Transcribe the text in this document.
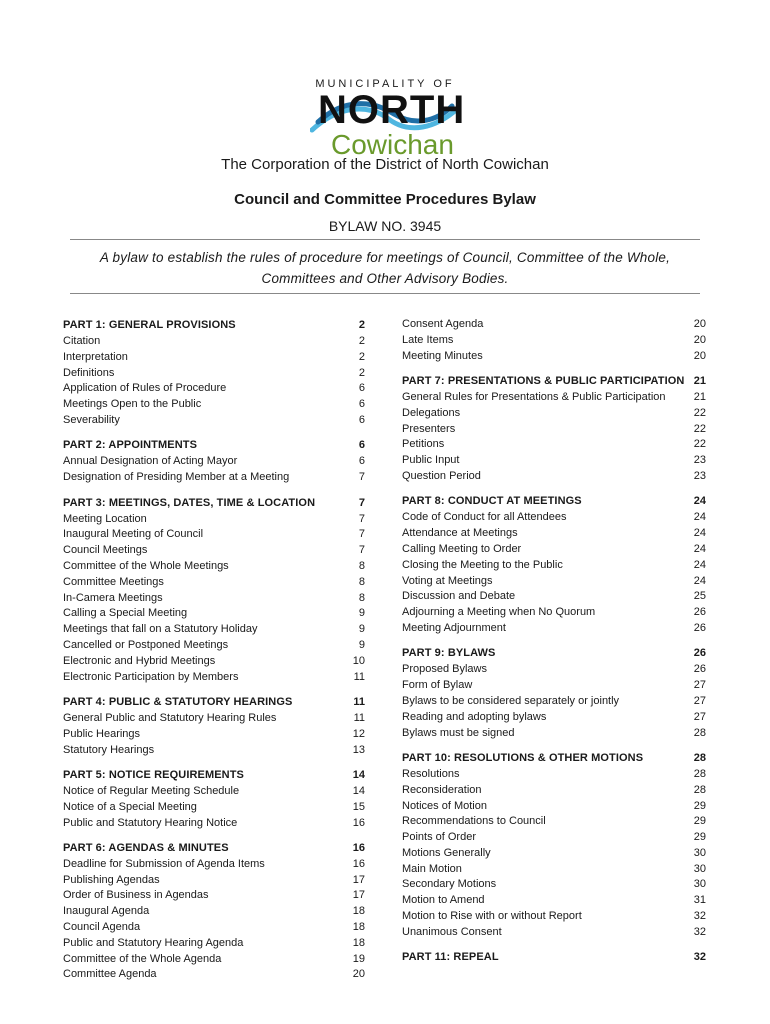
MUNICIPALITY OF
NORTH
Cowichan
The Corporation of the District of North Cowichan
Council and Committee Procedures Bylaw
BYLAW NO. 3945
A bylaw to establish the rules of procedure for meetings of Council, Committee of the Whole, Committees and Other Advisory Bodies.
PART 1: GENERAL PROVISIONS	2
Citation	2
Interpretation	2
Definitions	2
Application of Rules of Procedure	6
Meetings Open to the Public	6
Severability	6
PART 2: APPOINTMENTS	6
Annual Designation of Acting Mayor	6
Designation of Presiding Member at a Meeting	7
PART 3: MEETINGS, DATES, TIME & LOCATION	7
Meeting Location	7
Inaugural Meeting of Council	7
Council Meetings	7
Committee of the Whole Meetings	8
Committee Meetings	8
In-Camera Meetings	8
Calling a Special Meeting	9
Meetings that fall on a Statutory Holiday	9
Cancelled or Postponed Meetings	9
Electronic and Hybrid Meetings	10
Electronic Participation by Members	11
PART 4: PUBLIC & STATUTORY HEARINGS	11
General Public and Statutory Hearing Rules	11
Public Hearings	12
Statutory Hearings	13
PART 5: NOTICE REQUIREMENTS	14
Notice of Regular Meeting Schedule	14
Notice of a Special Meeting	15
Public and Statutory Hearing Notice	16
PART 6: AGENDAS & MINUTES	16
Deadline for Submission of Agenda Items	16
Publishing Agendas	17
Order of Business in Agendas	17
Inaugural Agenda	18
Council Agenda	18
Public and Statutory Hearing Agenda	18
Committee of the Whole Agenda	19
Committee Agenda	20
Consent Agenda	20
Late Items	20
Meeting Minutes	20
PART 7: PRESENTATIONS & PUBLIC PARTICIPATION 21
General Rules for Presentations & Public Participation	21
Delegations	22
Presenters	22
Petitions	22
Public Input	23
Question Period	23
PART 8: CONDUCT AT MEETINGS	24
Code of Conduct for all Attendees	24
Attendance at Meetings	24
Calling Meeting to Order	24
Closing the Meeting to the Public	24
Voting at Meetings	24
Discussion and Debate	25
Adjourning a Meeting when No Quorum	26
Meeting Adjournment	26
PART 9: BYLAWS	26
Proposed Bylaws	26
Form of Bylaw	27
Bylaws to be considered separately or jointly	27
Reading and adopting bylaws	27
Bylaws must be signed	28
PART 10: RESOLUTIONS & OTHER MOTIONS	28
Resolutions	28
Reconsideration	28
Notices of Motion	29
Recommendations to Council	29
Points of Order	29
Motions Generally	30
Main Motion	30
Secondary Motions	30
Motion to Amend	31
Motion to Rise with or without Report	32
Unanimous Consent	32
PART 11: REPEAL	32
